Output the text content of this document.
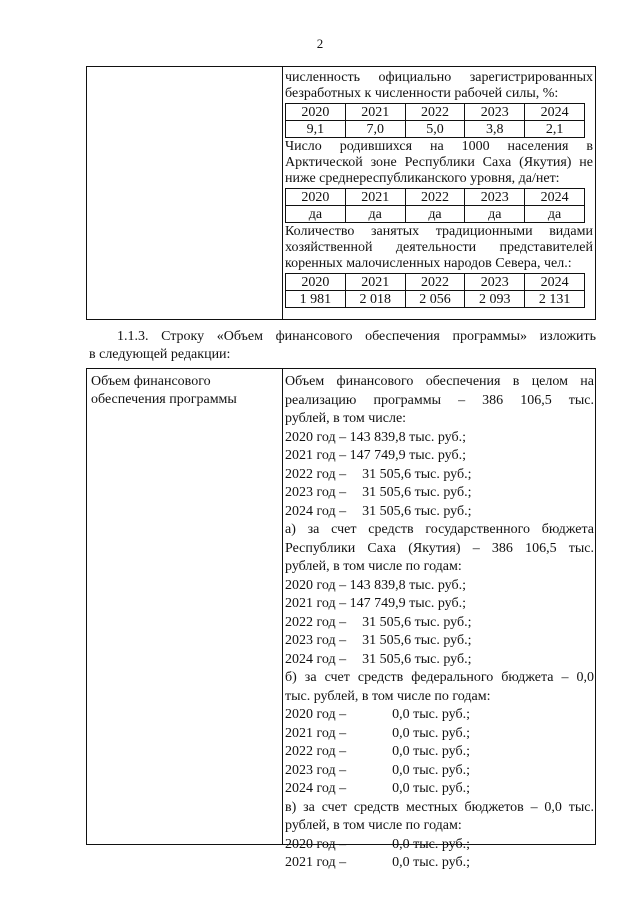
2
численность официально зарегистрированных
безработных к численности рабочей силы, %:
2020	2021	2022	2023	2024
9,1	7,0	5,0	3,8	2,1
Число родившихся на 1000 населения в
Арктической зоне Республики Саха (Якутия) не
ниже среднереспубликанского уровня, да/нет:
2020	2021	2022	2023	2024
да	да	да	да	да
Количество занятых традиционными видами
хозяйственной деятельности представителей
коренных малочисленных народов Севера, чел.:
2020	2021	2022	2023	2024
1 981	2 018	2 056	2 093	2 131
1.1.3. Строку «Объем финансового обеспечения программы» изложить
в следующей редакции:
Объем финансового
обеспечения программы
Объем финансового обеспечения в целом на
реализацию программы – 386 106,5 тыс.
рублей, в том числе:
2020 год – 143 839,8 тыс. руб.;
2021 год – 147 749,9 тыс. руб.;
2022 год – 31 505,6 тыс. руб.;
2023 год – 31 505,6 тыс. руб.;
2024 год – 31 505,6 тыс. руб.;
а) за счет средств государственного бюджета
Республики Саха (Якутия) – 386 106,5 тыс.
рублей, в том числе по годам:
2020 год – 143 839,8 тыс. руб.;
2021 год – 147 749,9 тыс. руб.;
2022 год – 31 505,6 тыс. руб.;
2023 год – 31 505,6 тыс. руб.;
2024 год – 31 505,6 тыс. руб.;
б) за счет средств федерального бюджета – 0,0
тыс. рублей, в том числе по годам:
2020 год –	0,0 тыс. руб.;
2021 год –	0,0 тыс. руб.;
2022 год –	0,0 тыс. руб.;
2023 год –	0,0 тыс. руб.;
2024 год –	0,0 тыс. руб.;
в) за счет средств местных бюджетов – 0,0 тыс.
рублей, в том числе по годам:
2020 год –	0,0 тыс. руб.;
2021 год –	0,0 тыс. руб.;
